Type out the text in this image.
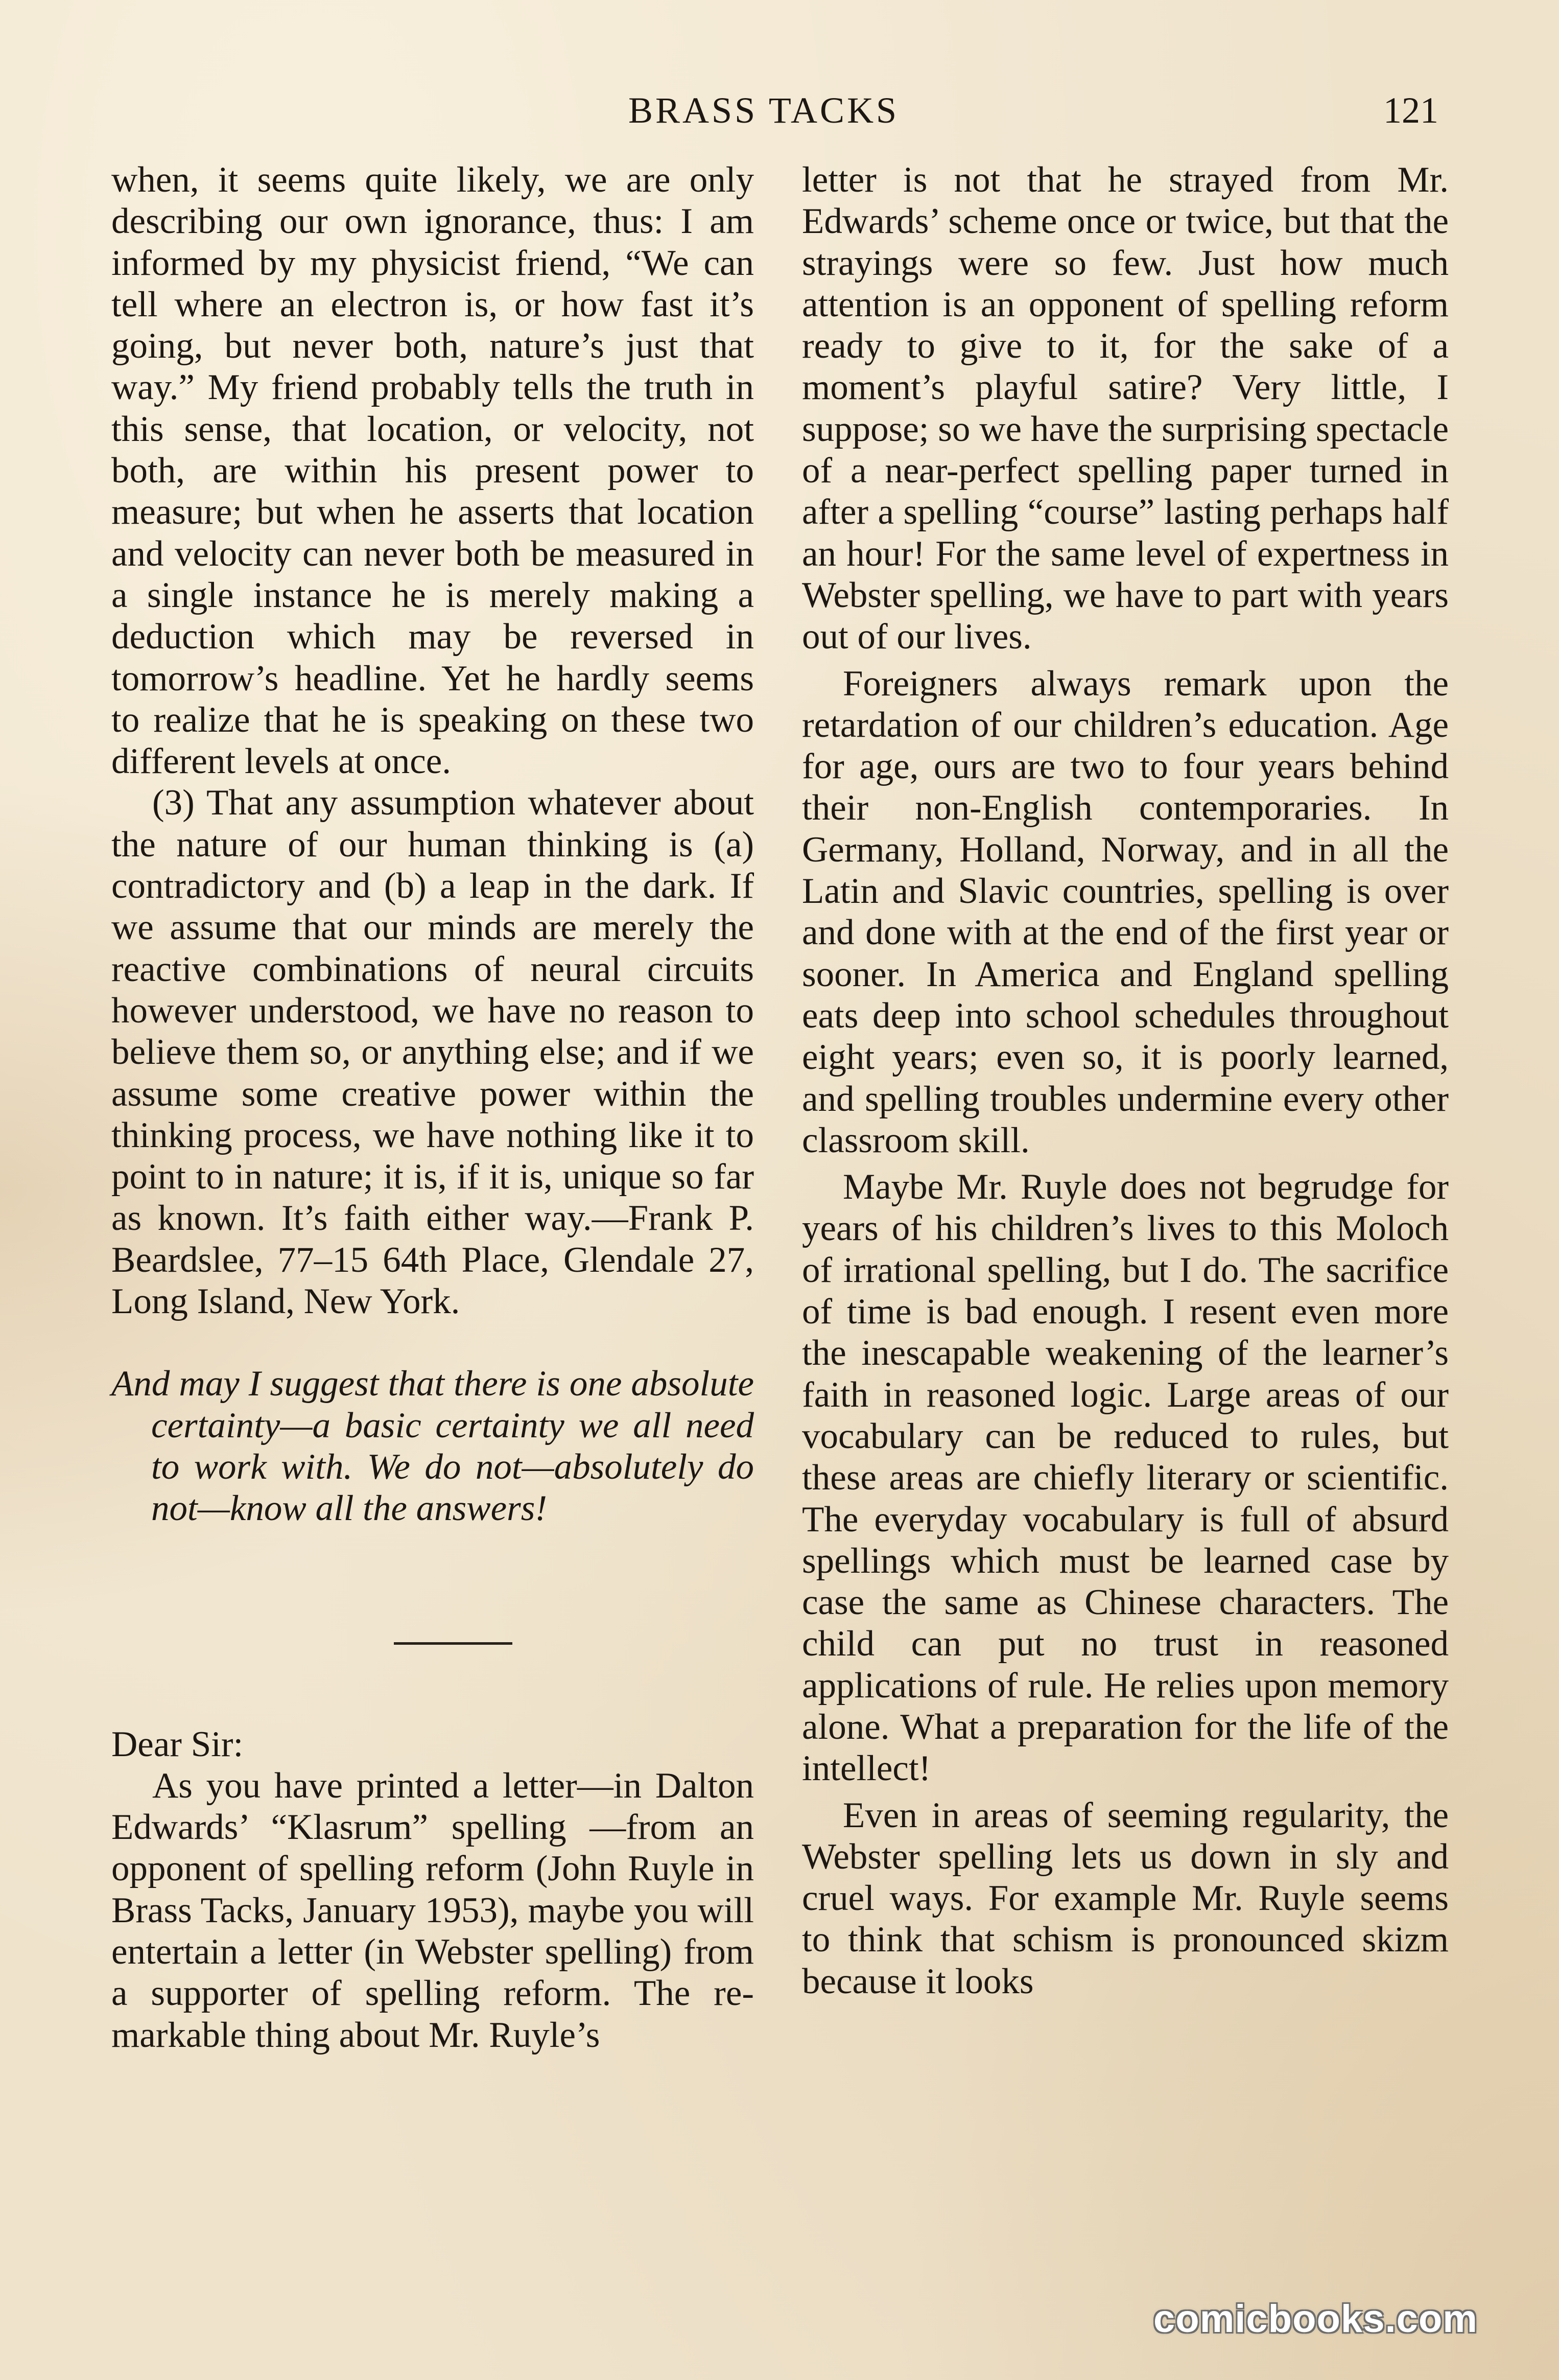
BRASS TACKS	121

when, it seems quite likely, we are only describing our own ignorance, thus: I am informed by my physicist friend, “We can tell where an electron is, or how fast it’s going, but never both, nature’s just that way.” My friend probably tells the truth in this sense, that location, or velocity, not both, are within his present power to measure; but when he asserts that location and velocity can never both be measured in a single instance he is merely making a deduction which may be reversed in tomorrow’s headline. Yet he hardly seems to realize that he is speaking on these two different levels at once.

(3) That any assumption whatever about the nature of our human thinking is (a) contradictory and (b) a leap in the dark. If we assume that our minds are merely the reactive combinations of neural circuits however understood, we have no reason to believe them so, or anything else; and if we assume some creative power within the thinking process, we have nothing like it to point to in nature; it is, if it is, unique so far as known. It’s faith either way.—Frank P. Beardslee, 77–15 64th Place, Glendale 27, Long Island, New York.

And may I suggest that there is one absolute certainty—a basic certainty we all need to work with. We do not—absolutely do not—know all the answers!

Dear Sir:

As you have printed a letter—in Dalton Edwards’ “Klasrum” spelling —from an opponent of spelling reform (John Ruyle in Brass Tacks, January 1953), maybe you will entertain a letter (in Webster spelling) from a supporter of spelling reform. The remarkable thing about Mr. Ruyle’s

letter is not that he strayed from Mr. Edwards’ scheme once or twice, but that the strayings were so few. Just how much attention is an opponent of spelling reform ready to give to it, for the sake of a moment’s playful satire? Very little, I suppose; so we have the surprising spectacle of a near-perfect spelling paper turned in after a spelling “course” lasting perhaps half an hour! For the same level of expertness in Webster spelling, we have to part with years out of our lives.

Foreigners always remark upon the retardation of our children’s education. Age for age, ours are two to four years behind their non-English contemporaries. In Germany, Holland, Norway, and in all the Latin and Slavic countries, spelling is over and done with at the end of the first year or sooner. In America and England spelling eats deep into school schedules throughout eight years; even so, it is poorly learned, and spelling troubles undermine every other classroom skill.

Maybe Mr. Ruyle does not begrudge for years of his children’s lives to this Moloch of irrational spelling, but I do. The sacrifice of time is bad enough. I resent even more the inescapable weakening of the learner’s faith in reasoned logic. Large areas of our vocabulary can be reduced to rules, but these areas are chiefly literary or scientific. The everyday vocabulary is full of absurd spellings which must be learned case by case the same as Chinese characters. The child can put no trust in reasoned applications of rule. He relies upon memory alone. What a preparation for the life of the intellect!

Even in areas of seeming regularity, the Webster spelling lets us down in sly and cruel ways. For example Mr. Ruyle seems to think that schism is pronounced skizm because it looks

comicbooks.com
